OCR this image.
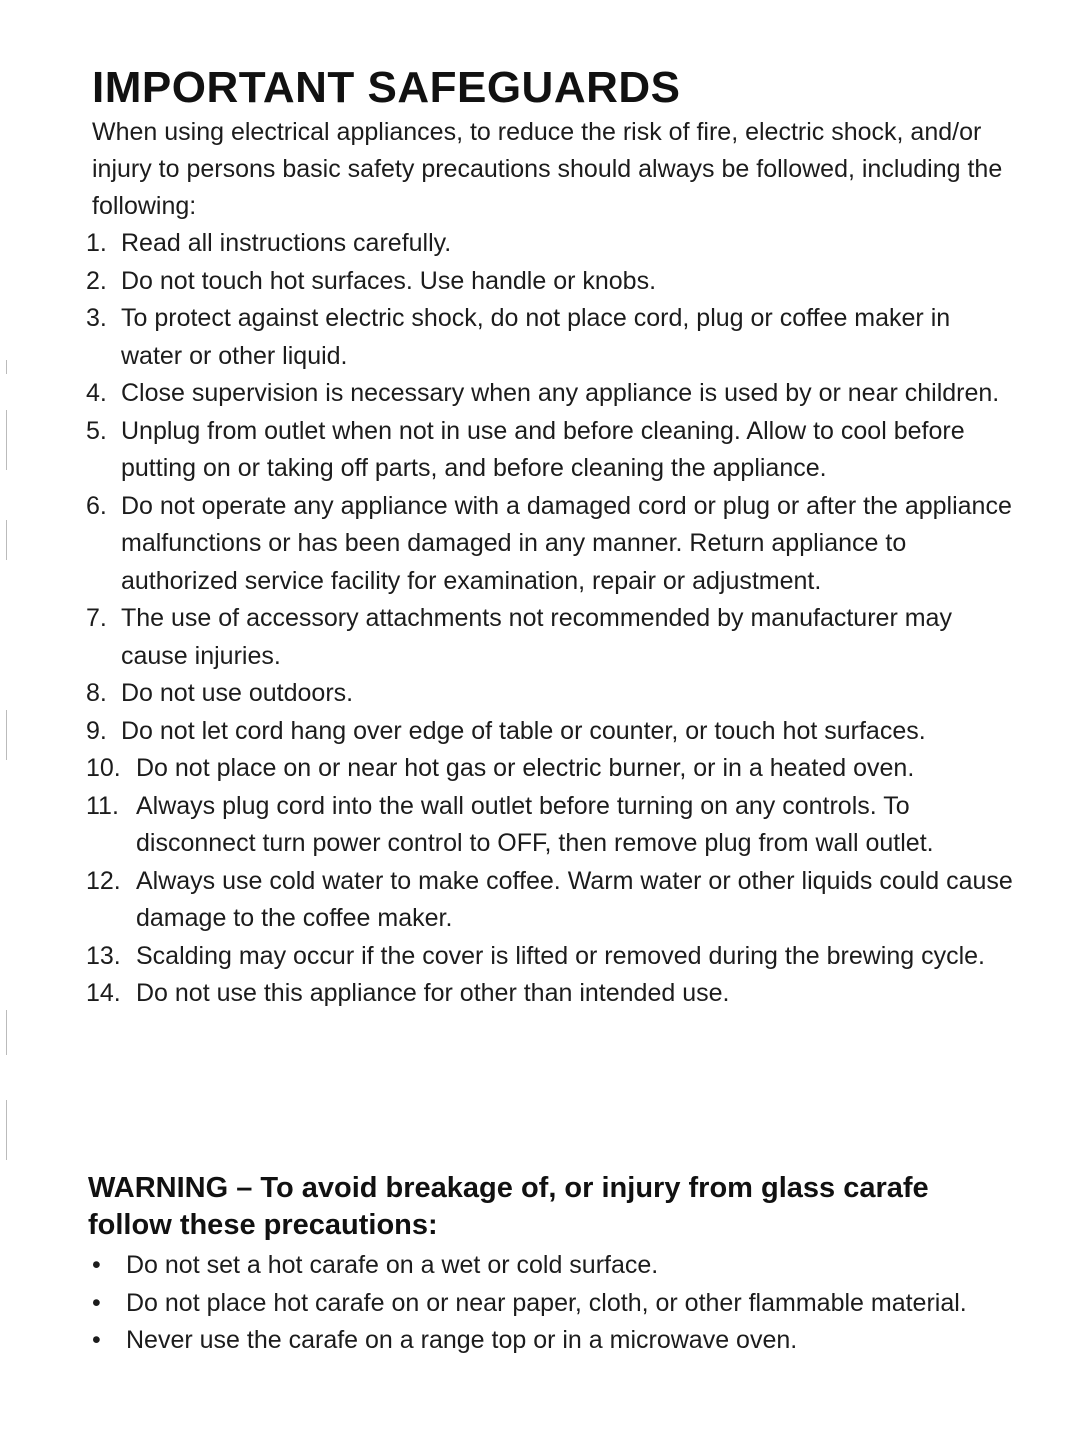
IMPORTANT SAFEGUARDS

When using electrical appliances, to reduce the risk of fire, electric shock, and/or injury to persons basic safety precautions should always be followed, including the following:

1. Read all instructions carefully.
2. Do not touch hot surfaces. Use handle or knobs.
3. To protect against electric shock, do not place cord, plug or coffee maker in water or other liquid.
4. Close supervision is necessary when any appliance is used by or near children.
5. Unplug from outlet when not in use and before cleaning. Allow to cool before putting on or taking off parts, and before cleaning the appliance.
6. Do not operate any appliance with a damaged cord or plug or after the appliance malfunctions or has been damaged in any manner. Return appliance to authorized service facility for examination, repair or adjustment.
7. The use of accessory attachments not recommended by manufacturer may cause injuries.
8. Do not use outdoors.
9. Do not let cord hang over edge of table or counter, or touch hot surfaces.
10. Do not place on or near hot gas or electric burner, or in a heated oven.
11. Always plug cord into the wall outlet before turning on any controls. To disconnect turn power control to OFF, then remove plug from wall outlet.
12. Always use cold water to make coffee. Warm water or other liquids could cause damage to the coffee maker.
13. Scalding may occur if the cover is lifted or removed during the brewing cycle.
14. Do not use this appliance for other than intended use.
WARNING – To avoid breakage of, or injury from glass carafe follow these precautions:
• Do not set a hot carafe on a wet or cold surface.
• Do not place hot carafe on or near paper, cloth, or other flammable material.
• Never use the carafe on a range top or in a microwave oven.
